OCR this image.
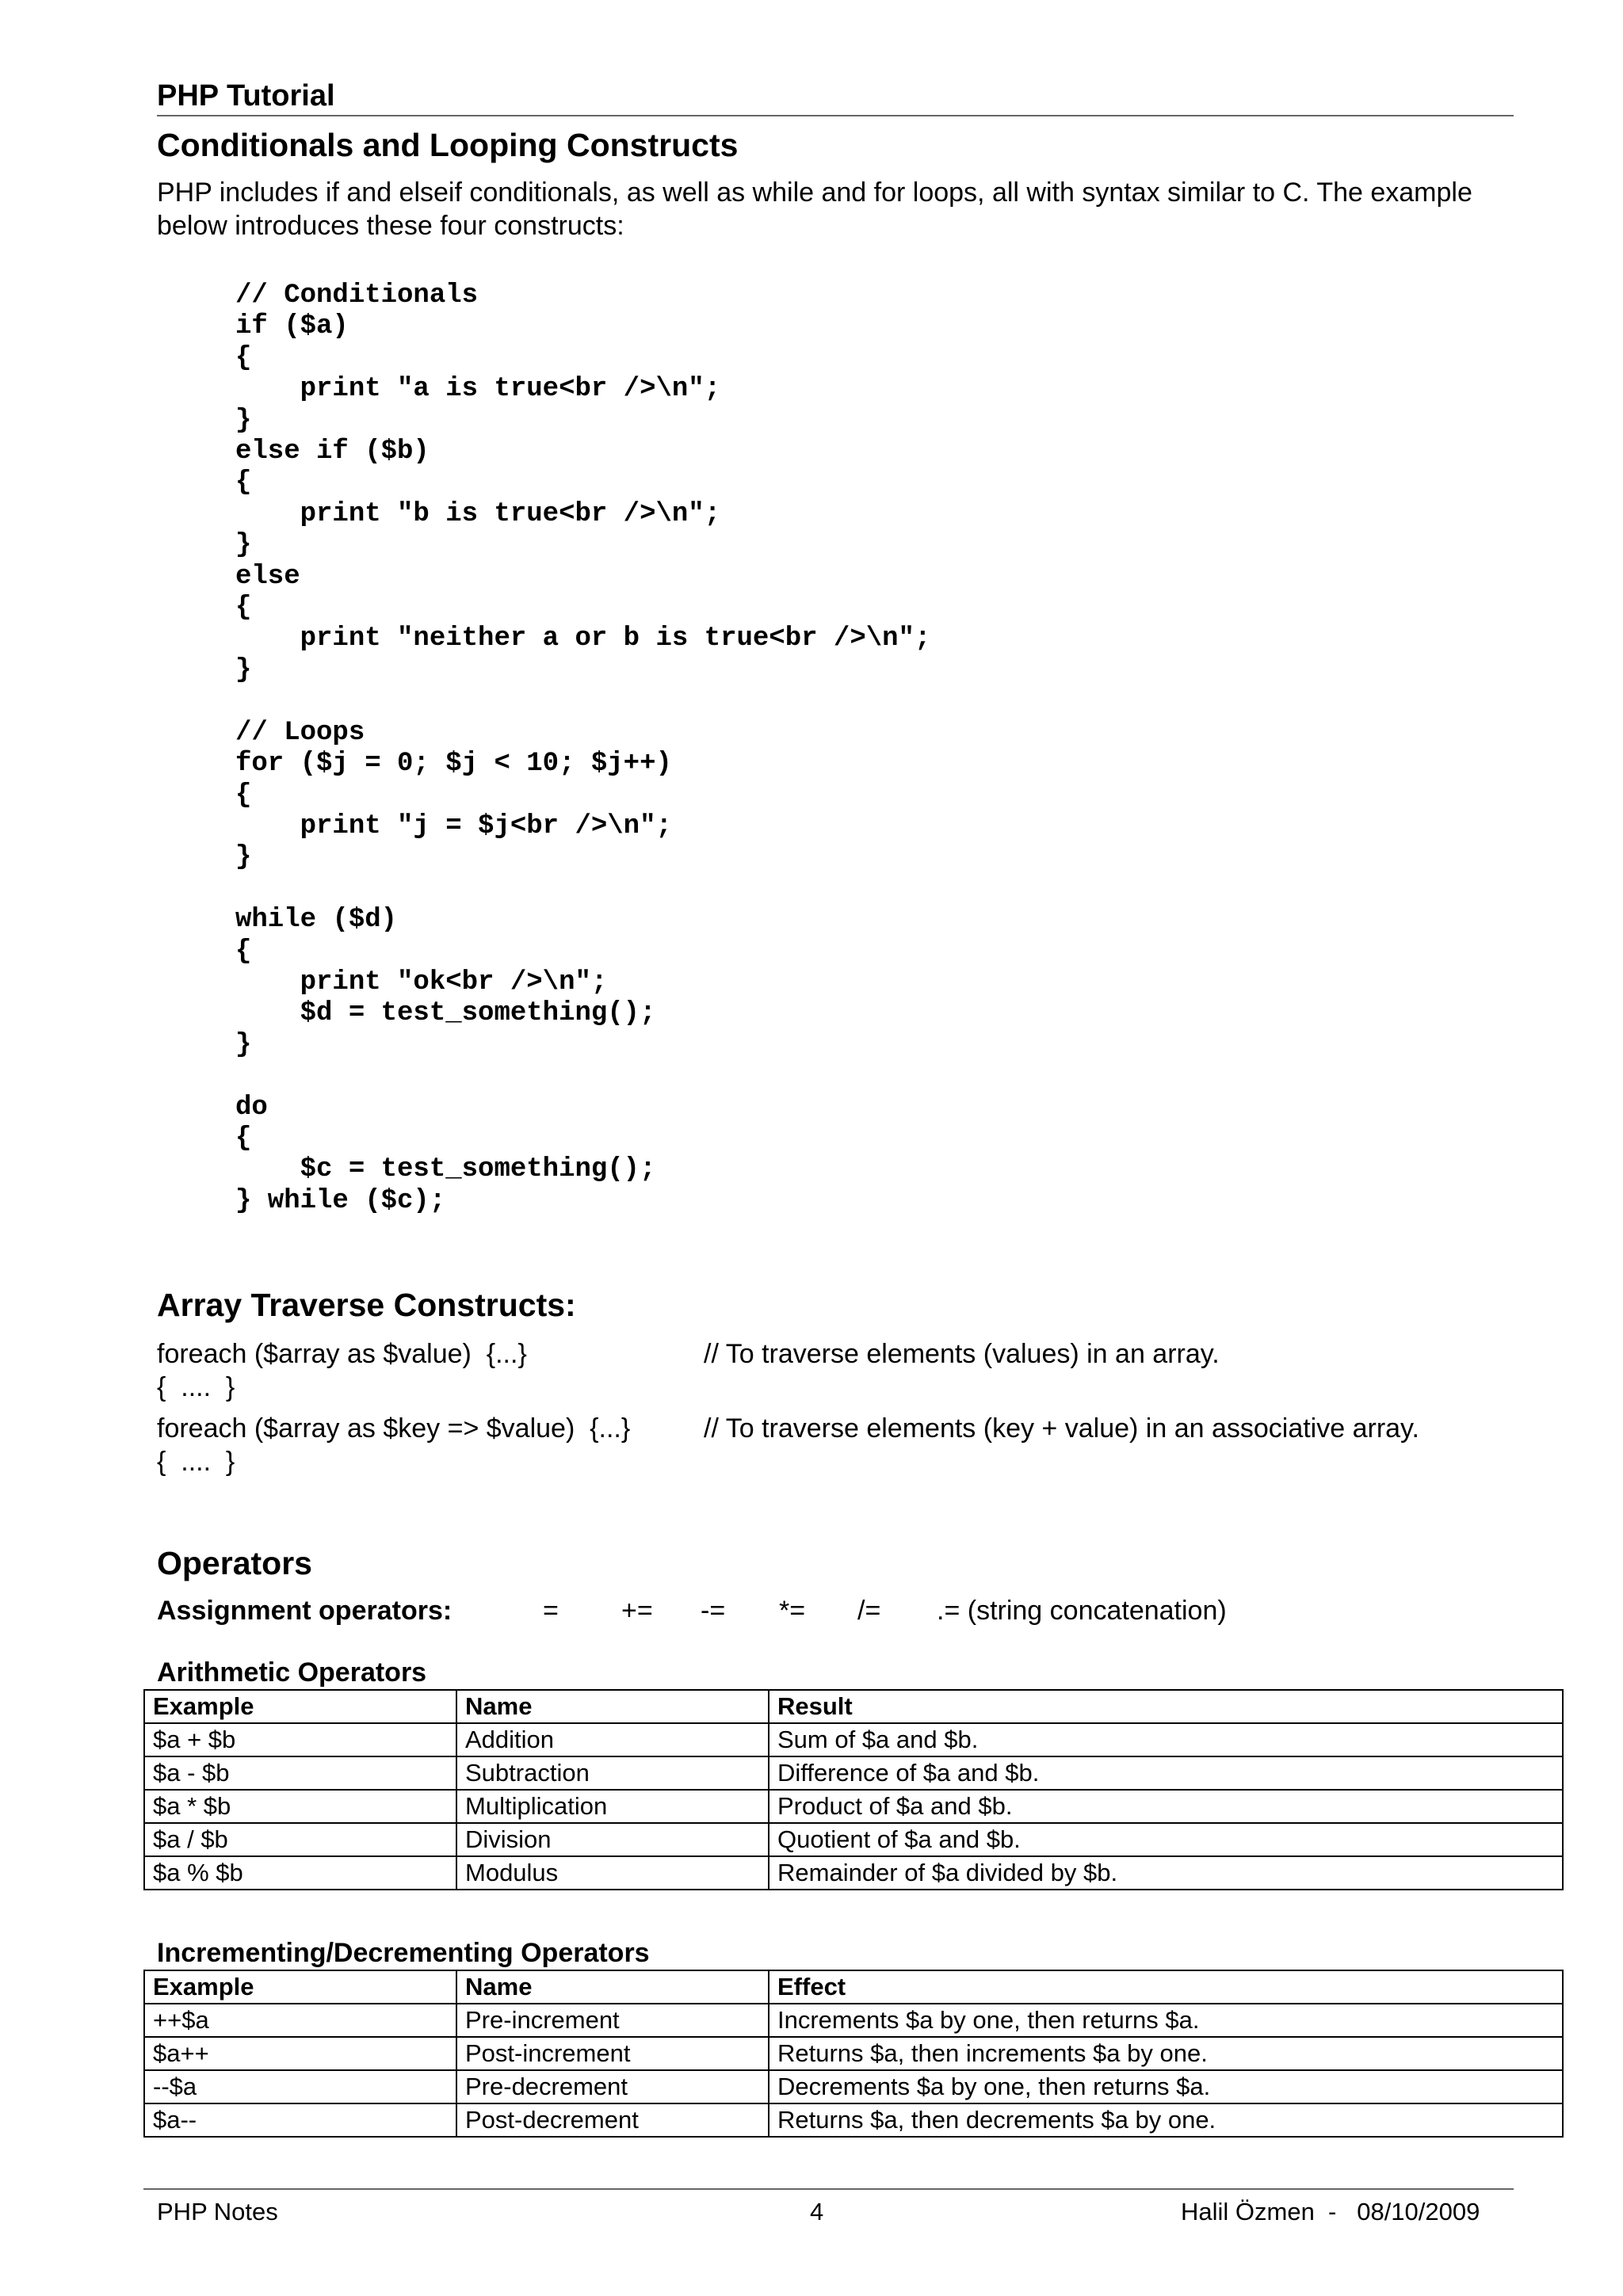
PHP Tutorial
Conditionals and Looping Constructs

PHP includes if and elseif conditionals, as well as while and for loops, all with syntax similar to C. The example below introduces these four constructs:

// Conditionals
if ($a)
{
print "a is true<br />\n";
}
else if ($b)
{
print "b is true<br />\n";
}
else
{
print "neither a or b is true<br />\n";
}

// Loops
for ($j = 0; $j < 10; $j++)
{
print "j = $j<br />\n";
}

while ($d)
{
print "ok<br />\n";
$d = test_something();
}

do
{
$c = test_something();
} while ($c);
Array Traverse Constructs:
foreach ($array as $value)  {...}
{  ....  }
// To traverse elements (values) in an array.
foreach ($array as $key => $value)  {...}
{  ....  }
// To traverse elements (key + value) in an associative array.
Operators
Assignment operators:	= += -= *= /= .= (string concatenation)
Arithmetic Operators
Example	Name	Result
$a + $b	Addition	Sum of $a and $b.
$a - $b	Subtraction	Difference of $a and $b.
$a * $b	Multiplication	Product of $a and $b.
$a / $b	Division	Quotient of $a and $b.
$a % $b	Modulus	Remainder of $a divided by $b.
Incrementing/Decrementing Operators
Example	Name	Effect
++$a	Pre-increment	Increments $a by one, then returns $a.
$a++	Post-increment	Returns $a, then increments $a by one.
--$a	Pre-decrement	Decrements $a by one, then returns $a.
$a--	Post-decrement	Returns $a, then decrements $a by one.
PHP Notes	4	Halil Özmen  -   08/10/2009
